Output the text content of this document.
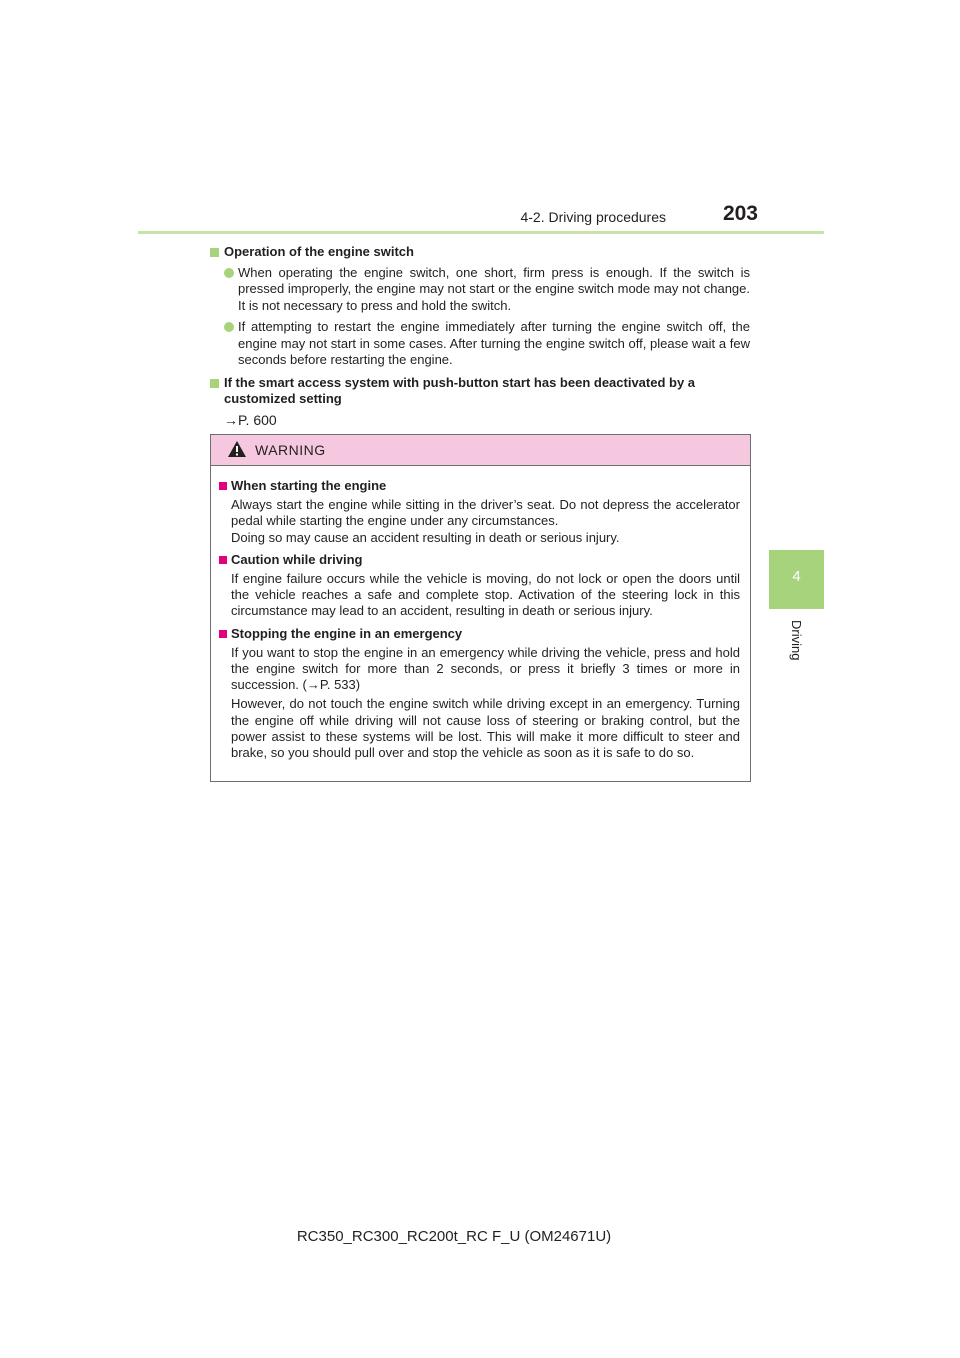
4-2. Driving procedures	203
4
Driving
Operation of the engine switch
When operating the engine switch, one short, firm press is enough. If the switch is pressed improperly, the engine may not start or the engine switch mode may not change. It is not necessary to press and hold the switch.
If attempting to restart the engine immediately after turning the engine switch off, the engine may not start in some cases. After turning the engine switch off, please wait a few seconds before restarting the engine.
If the smart access system with push-button start has been deactivated by a customized setting
→P. 600
WARNING
When starting the engine
Always start the engine while sitting in the driver’s seat. Do not depress the accelerator pedal while starting the engine under any circumstances.
Doing so may cause an accident resulting in death or serious injury.
Caution while driving
If engine failure occurs while the vehicle is moving, do not lock or open the doors until the vehicle reaches a safe and complete stop. Activation of the steering lock in this circumstance may lead to an accident, resulting in death or serious injury.
Stopping the engine in an emergency
If you want to stop the engine in an emergency while driving the vehicle, press and hold the engine switch for more than 2 seconds, or press it briefly 3 times or more in succession. (→P. 533)
However, do not touch the engine switch while driving except in an emergency. Turning the engine off while driving will not cause loss of steering or braking control, but the power assist to these systems will be lost. This will make it more difficult to steer and brake, so you should pull over and stop the vehicle as soon as it is safe to do so.
RC350_RC300_RC200t_RC F_U (OM24671U)
